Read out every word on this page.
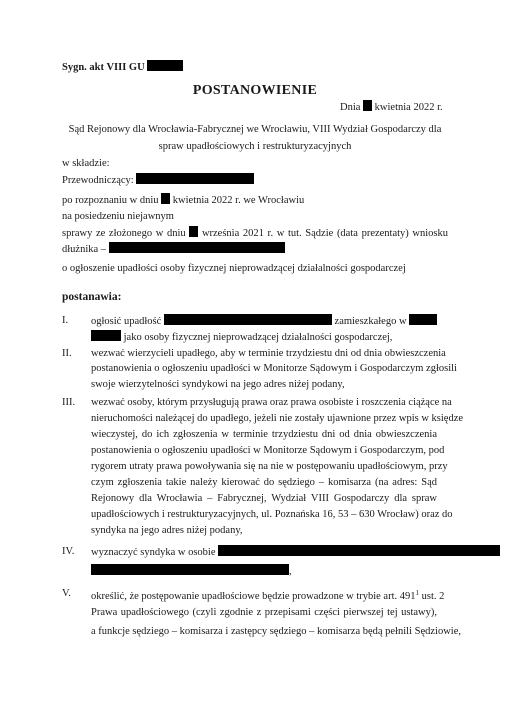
Sygn. akt VIII GU
POSTANOWIENIE
Dnia kwietnia 2022 r.
Sąd Rejonowy dla Wrocławia-Fabrycznej we Wrocławiu, VIII Wydział Gospodarczy dla
spraw upadłościowych i restrukturyzacyjnych
w składzie:
Przewodniczący:
po rozpoznaniu w dniu kwietnia 2022 r. we Wrocławiu
na posiedzeniu niejawnym
sprawy ze złożonego w dniu września 2021 r. w tut. Sądzie (data prezentaty) wniosku
dłużnika –
o ogłoszenie upadłości osoby fizycznej nieprowadzącej działalności gospodarczej
postanawia:
I. ogłosić upadłość	zamieszkałego w
jako osoby fizycznej nieprowadzącej działalności gospodarczej,
II. wezwać wierzycieli upadłego, aby w terminie trzydziestu dni od dnia obwieszczenia
postanowienia o ogłoszeniu upadłości w Monitorze Sądowym i Gospodarczym zgłosili
swoje wierzytelności syndykowi na jego adres niżej podany,
III. wezwać osoby, którym przysługują prawa oraz prawa osobiste i roszczenia ciążące na
nieruchomości należącej do upadłego, jeżeli nie zostały ujawnione przez wpis w księdze
wieczystej, do ich zgłoszenia w terminie trzydziestu dni od dnia obwieszczenia
postanowienia o ogłoszeniu upadłości w Monitorze Sądowym i Gospodarczym, pod
rygorem utraty prawa powoływania się na nie w postępowaniu upadłościowym, przy
czym zgłoszenia takie należy kierować do sędziego – komisarza (na adres: Sąd
Rejonowy dla Wrocławia – Fabrycznej, Wydział VIII Gospodarczy dla spraw
upadłościowych i restrukturyzacyjnych, ul. Poznańska 16, 53 – 630 Wrocław) oraz do
syndyka na jego adres niżej podany,
IV. wyznaczyć syndyka w osobie
,
V. określić, że postępowanie upadłościowe będzie prowadzone w trybie art. $491^1$ ust. 2
Prawa upadłościowego (czyli zgodnie z przepisami części pierwszej tej ustawy),
a funkcje sędziego – komisarza i zastępcy sędziego – komisarza będą pełnili Sędziowie,
